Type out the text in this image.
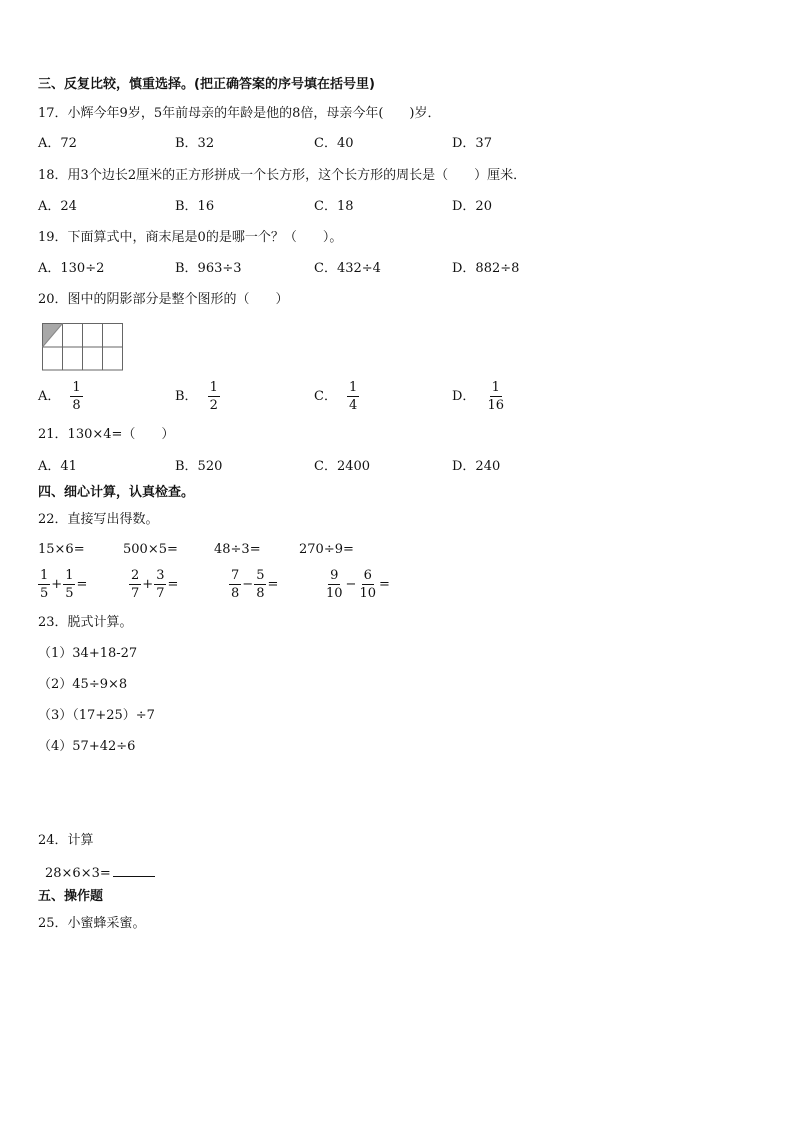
三、反复比较，慎重选择。(把正确答案的序号填在括号里)
17．小辉今年9岁，5年前母亲的年龄是他的8倍，母亲今年(　　)岁．
A．72	B．32	C．40	D．37
18．用3个边长2厘米的正方形拼成一个长方形，这个长方形的周长是（　　）厘米．
A．24	B．16	C．18	D．20
19．下面算式中，商末尾是0的是哪一个？（　　）。
A．130÷2	B．963÷3	C．432÷4	D．882÷8
20．图中的阴影部分是整个图形的（　　）
A． $\frac{1}{8}$	B． $\frac{1}{2}$	C． $\frac{1}{4}$	D． $\frac{1}{16}$
21．130×4=（　　）
A．41	B．520	C．2400	D．240
四、细心计算，认真检查。
22．直接写出得数。
15×6=	500×5=	48÷3=	270÷9=
$\frac{1}{5} + \frac{1}{5}$ =	$\frac{2}{7} + \frac{3}{7}$ =	$\frac{7}{8} - \frac{5}{8}$ =	$\frac{9}{10} - \frac{6}{10}$ =
23．脱式计算。
（1）34+18-27
（2）45÷9×8
（3）（17+25）÷7
（4）57+42÷6
24．计算
28×6×3=
五、操作题
25．小蜜蜂采蜜。
